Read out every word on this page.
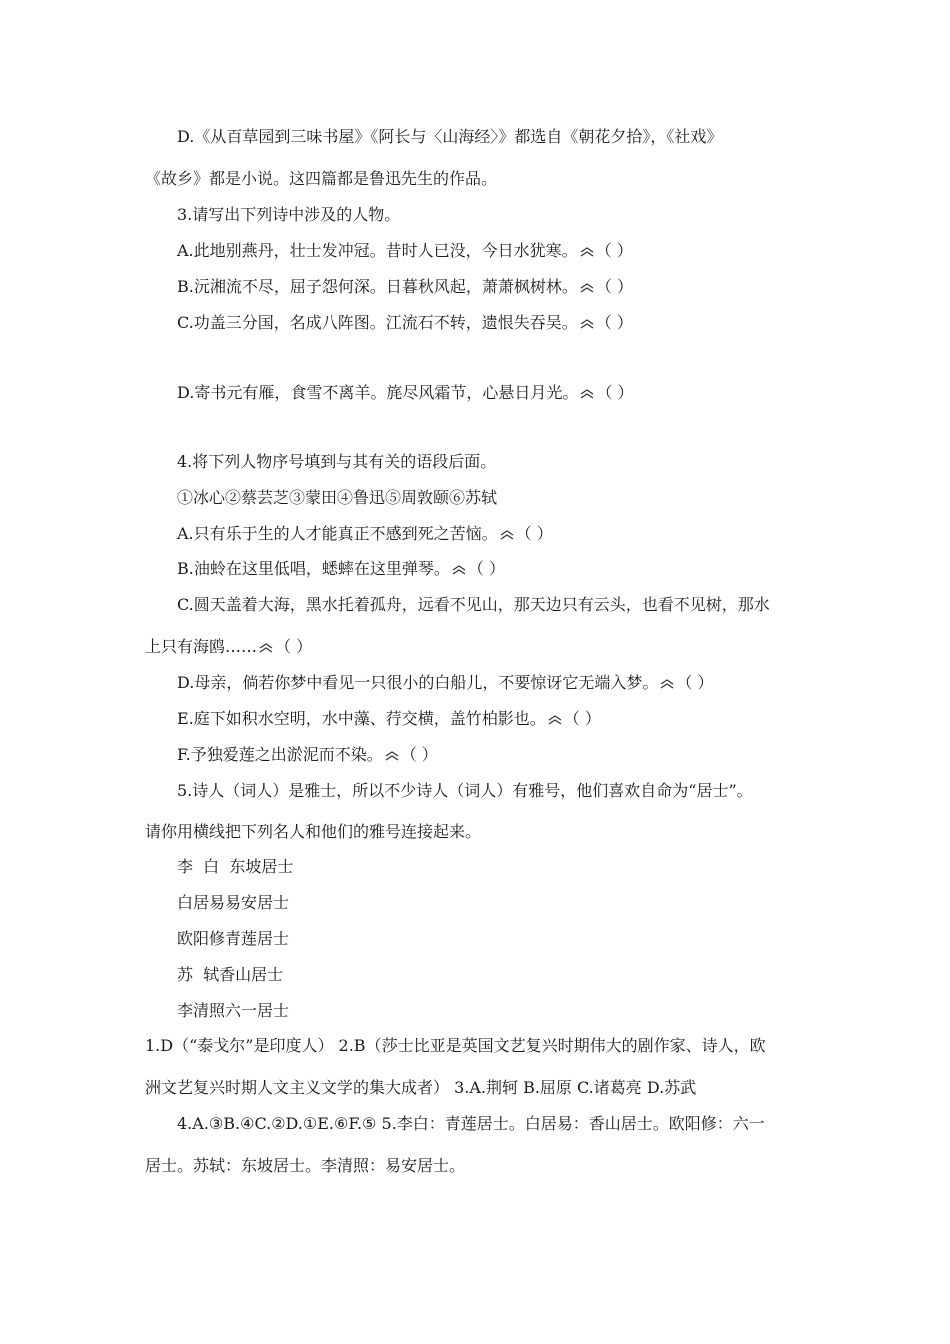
D.《从百草园到三味书屋》《阿长与〈山海经〉》都选自《朝花夕拾》，《社戏》
《故乡》都是小说。这四篇都是鲁迅先生的作品。
3.请写出下列诗中涉及的人物。
A.此地别燕丹，壮士发冲冠。昔时人已没，今日水犹寒。 （ ）
B.沅湘流不尽，屈子怨何深。日暮秋风起，萧萧枫树林。 （ ）
C.功盖三分国，名成八阵图。江流石不转，遗恨失吞吴。 （ ）
D.寄书元有雁，食雪不离羊。旄尽风霜节，心悬日月光。 （ ）
4.将下列人物序号填到与其有关的语段后面。
①冰心②蔡芸芝③蒙田④鲁迅⑤周敦颐⑥苏轼
A.只有乐于生的人才能真正不感到死之苦恼。 （ ）
B.油蛉在这里低唱，蟋蟀在这里弹琴。 （ ）
C.圆天盖着大海，黑水托着孤舟，远看不见山，那天边只有云头，也看不见树，那水
上只有海鸥…… （ ）
D.母亲，倘若你梦中看见一只很小的白船儿，不要惊讶它无端入梦。 （ ）
E.庭下如积水空明，水中藻、荇交横，盖竹柏影也。 （ ）
F.予独爱莲之出淤泥而不染。 （ ）
5.诗人（词人）是雅士，所以不少诗人（词人）有雅号，他们喜欢自命为“居士”。
请你用横线把下列名人和他们的雅号连接起来。
李  白  东坡居士
白居易易安居士
欧阳修青莲居士
苏  轼香山居士
李清照六一居士
1.D（“泰戈尔”是印度人） 2.B（莎士比亚是英国文艺复兴时期伟大的剧作家、诗人，欧
洲文艺复兴时期人文主义文学的集大成者） 3.A.荆轲 B.屈原 C.诸葛亮 D.苏武
4.A.③B.④C.②D.①E.⑥F.⑤ 5.李白：青莲居士。白居易：香山居士。欧阳修：六一
居士。苏轼：东坡居士。李清照：易安居士。
